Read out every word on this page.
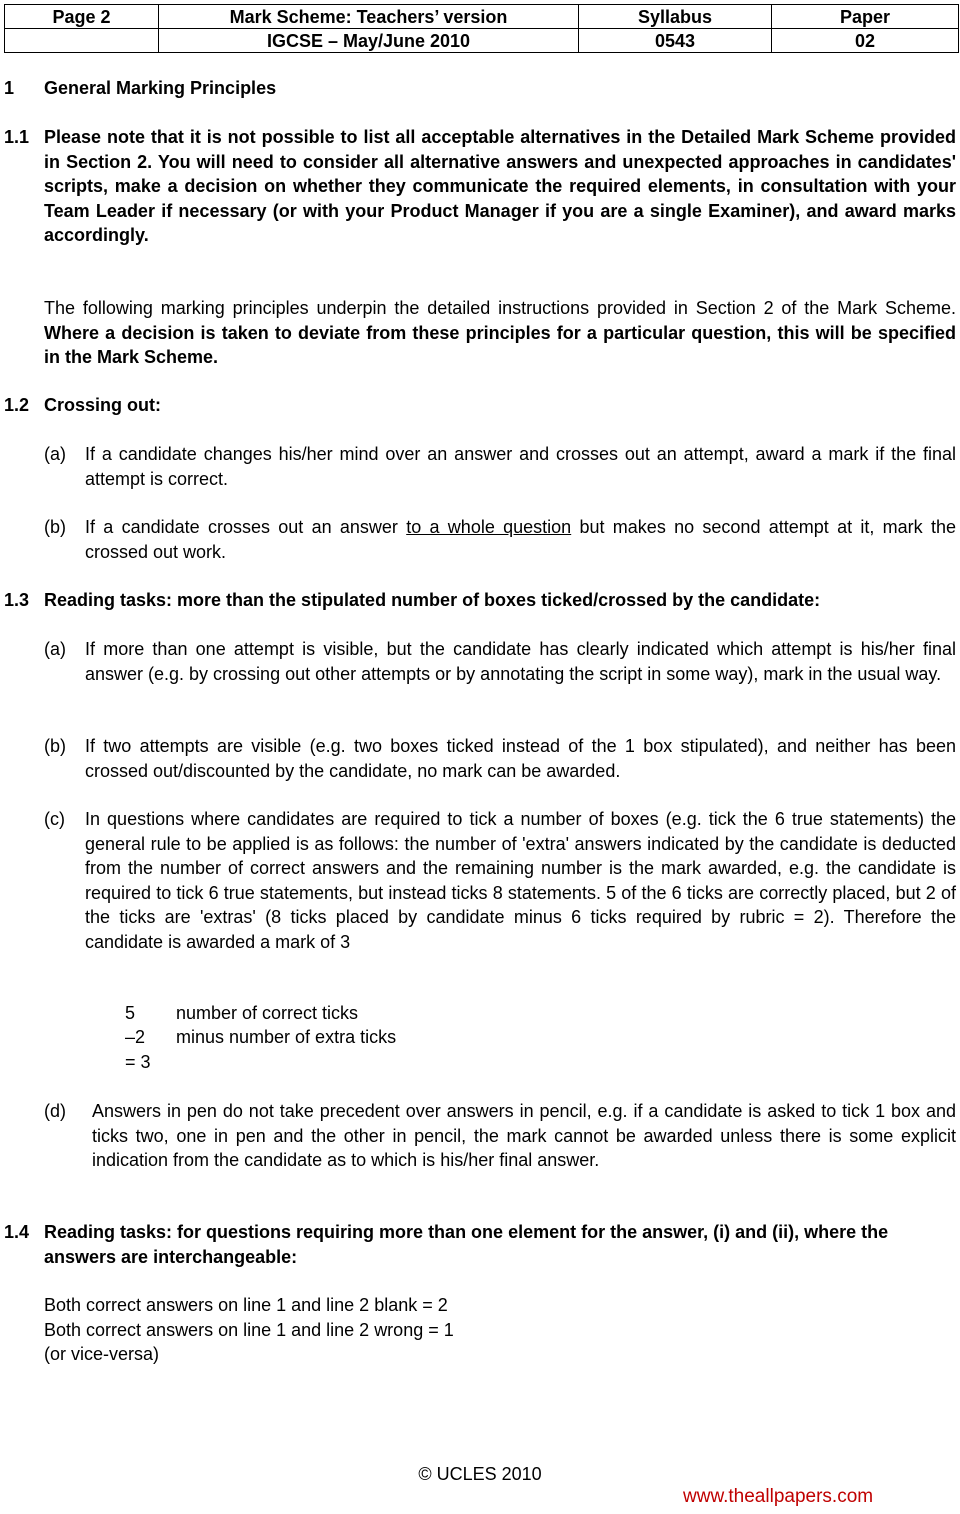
Page 2	Mark Scheme: Teachers’ version	Syllabus	Paper
	IGCSE – May/June 2010	0543	02
1 General Marking Principles
1.1 Please note that it is not possible to list all acceptable alternatives in the Detailed Mark Scheme provided in Section 2. You will need to consider all alternative answers and unexpected approaches in candidates' scripts, make a decision on whether they communicate the required elements, in consultation with your Team Leader if necessary (or with your Product Manager if you are a single Examiner), and award marks accordingly.
The following marking principles underpin the detailed instructions provided in Section 2 of the Mark Scheme. Where a decision is taken to deviate from these principles for a particular question, this will be specified in the Mark Scheme.
1.2 Crossing out:
(a) If a candidate changes his/her mind over an answer and crosses out an attempt, award a mark if the final attempt is correct.
(b) If a candidate crosses out an answer to a whole question but makes no second attempt at it, mark the crossed out work.
1.3 Reading tasks: more than the stipulated number of boxes ticked/crossed by the candidate:
(a) If more than one attempt is visible, but the candidate has clearly indicated which attempt is his/her final answer (e.g. by crossing out other attempts or by annotating the script in some way), mark in the usual way.
(b) If two attempts are visible (e.g. two boxes ticked instead of the 1 box stipulated), and neither has been crossed out/discounted by the candidate, no mark can be awarded.
(c) In questions where candidates are required to tick a number of boxes (e.g. tick the 6 true statements) the general rule to be applied is as follows: the number of 'extra' answers indicated by the candidate is deducted from the number of correct answers and the remaining number is the mark awarded, e.g. the candidate is required to tick 6 true statements, but instead ticks 8 statements. 5 of the 6 ticks are correctly placed, but 2 of the ticks are 'extras' (8 ticks placed by candidate minus 6 ticks required by rubric = 2). Therefore the candidate is awarded a mark of 3
5 number of correct ticks
–2 minus number of extra ticks
= 3
(d) Answers in pen do not take precedent over answers in pencil, e.g. if a candidate is asked to tick 1 box and ticks two, one in pen and the other in pencil, the mark cannot be awarded unless there is some explicit indication from the candidate as to which is his/her final answer.
1.4 Reading tasks: for questions requiring more than one element for the answer, (i) and (ii), where the answers are interchangeable:
Both correct answers on line 1 and line 2 blank = 2
Both correct answers on line 1 and line 2 wrong = 1
(or vice-versa)
© UCLES 2010
www.theallpapers.com
